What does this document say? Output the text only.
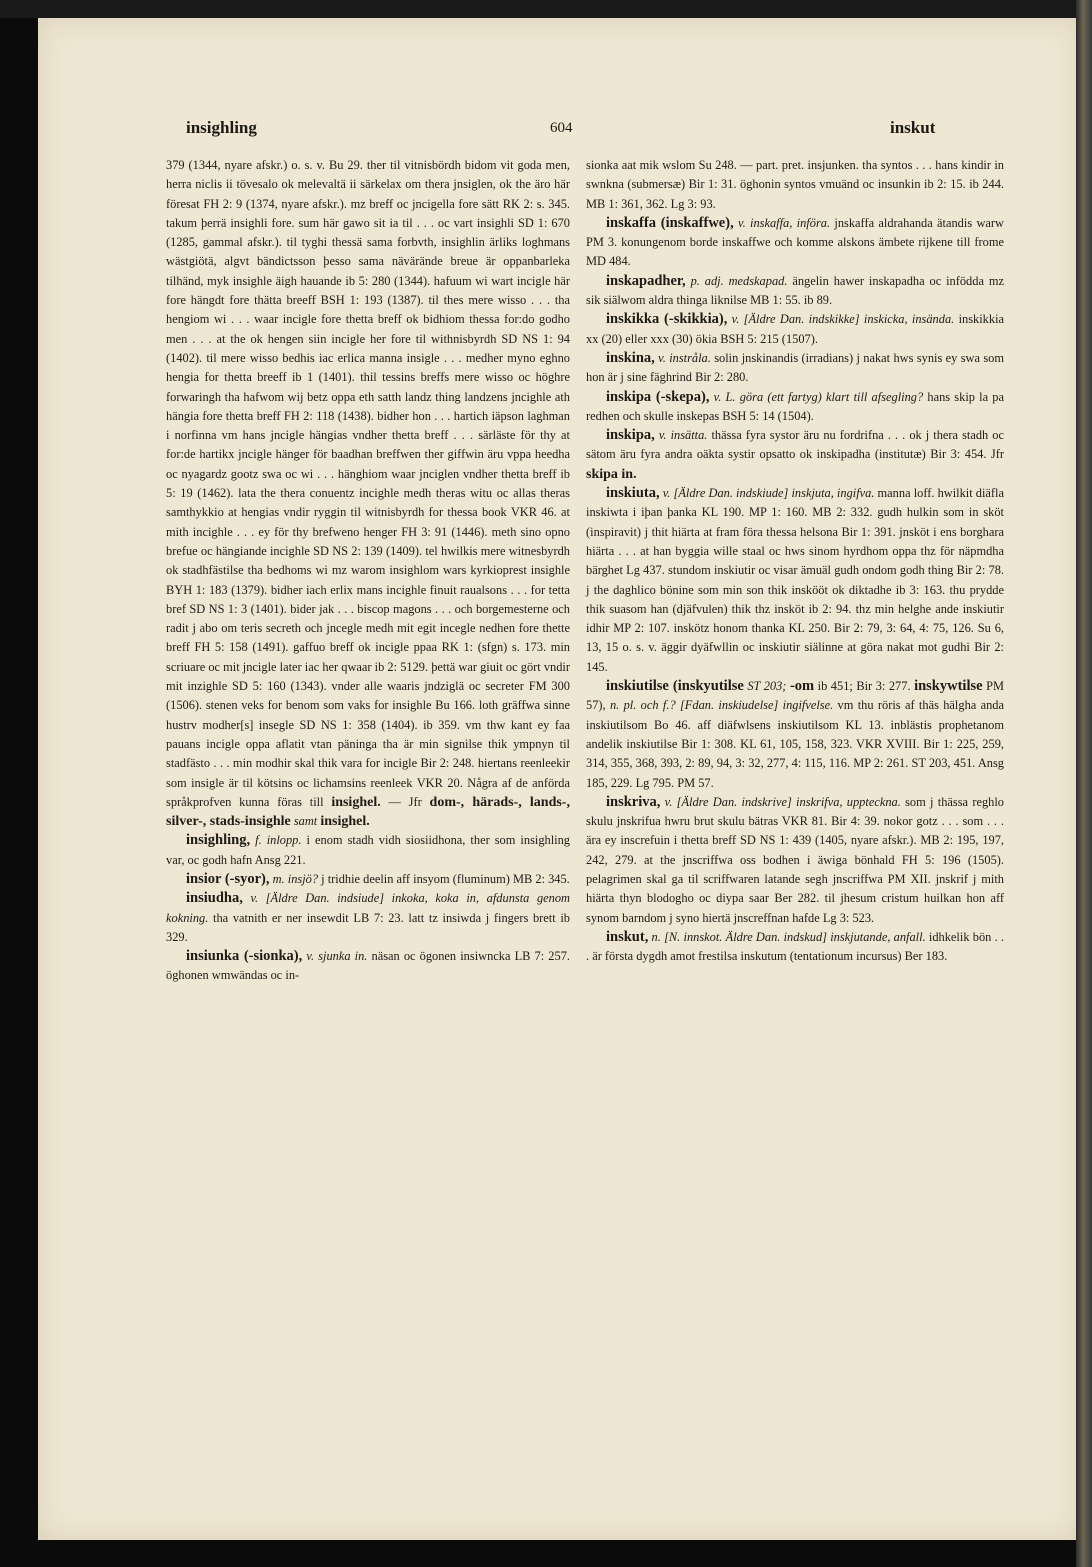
insighling	604	inskut

379 (1344, nyare afskr.) o. s. v. Bu 29. ther til vitnisbördh bidom vit goda men, herra niclis ii tövesalo ok melevaltä ii särkelax om thera jnsiglen, ok the äro här föresat FH 2: 9 (1374, nyare afskr.). mz breff oc jncigella fore sätt RK 2: s. 345. takum þerrä insighli fore. sum här gawo sit ia til . . . oc vart insighli SD 1: 670 (1285, gammal afskr.). til tyghi thessä sama forbvth, insighlin ärliks loghmans wästgiötä, algvt bändictsson þesso sama nävärände breue är oppanbarleka tilhänd, myk insighle äigh hauande ib 5: 280 (1344). hafuum wi wart incigle här fore hängdt fore thätta breeff BSH 1: 193 (1387). til thes mere wisso . . . tha hengiom wi . . . waar incigle fore thetta breff ok bidhiom thessa for:do godho men . . . at the ok hengen siin incigle her fore til withnisbyrdh SD NS 1: 94 (1402). til mere wisso bedhis iac erlica manna insigle . . . medher myno eghno hengia for thetta breeff ib 1 (1401). thil tessins breffs mere wisso oc höghre forwaringh tha hafwom wij betz oppa eth satth landz thing landzens jncighle ath hängia fore thetta breff FH 2: 118 (1438). bidher hon . . . hartich iäpson laghman i norfinna vm hans jncigle hängias vndher thetta breff . . . särläste för thy at for:de hartikx jncigle hänger för baadhan breffwen ther giffwin äru vppa heedha oc nyagardz gootz swa oc wi . . . hänghiom waar jnciglen vndher thetta breff ib 5: 19 (1462). lata the thera conuentz incighle medh theras witu oc allas theras samthykkio at hengias vndir ryggin til witnisbyrdh for thessa book VKR 46. at mith incighle . . . ey för thy brefweno henger FH 3: 91 (1446). meth sino opno brefue oc hängiande incighle SD NS 2: 139 (1409). tel hwilkis mere witnesbyrdh ok stadhfästilse tha bedhoms wi mz warom insighlom wars kyrkioprest insighle BYH 1: 183 (1379). bidher iach erlix mans incighle finuit raualsons . . . for tetta bref SD NS 1: 3 (1401). bider jak . . . biscop magons . . . och borgemesterne och radit j abo om teris secreth och jncegle medh mit egit incegle nedhen fore thette breff FH 5: 158 (1491). gaffuo breff ok incigle ppaa RK 1: (sfgn) s. 173. min scriuare oc mit jncigle later iac her qwaar ib 2: 5129. þettä war giuit oc gört vndir mit inzighle SD 5: 160 (1343). vnder alle waaris jndziglä oc secreter FM 300 (1506). stenen veks for benom som vaks for insighle Bu 166. loth gräffwa sinne hustrv modher[s] insegle SD NS 1: 358 (1404). ib 359. vm thw kant ey faa pauans incigle oppa aflatit vtan päninga tha är min signilse thik ympnyn til stadfästo . . . min modhir skal thik vara for incigle Bir 2: 248. hiertans reenleekir som insigle är til kötsins oc lichamsins reenleek VKR 20. Några af de anförda språkprofven kunna föras till insighel. — Jfr dom-, härads-, lands-, silver-, stads-insighle samt insighel.

insighling, f. inlopp. i enom stadh vidh siosiidhona, ther som insighling var, oc godh hafn Ansg 221.

insior (-syor), m. insjö? j tridhie deelin aff insyom (fluminum) MB 2: 345.

insiudha, v. [Äldre Dan. indsiude] inkoka, koka in, afdunsta genom kokning. tha vatnith er ner insewdit LB 7: 23. latt tz insiwda j fingers brett ib 329.

insiunka (-sionka), v. sjunka in. näsan oc ögonen insiwncka LB 7: 257. öghonen wmwändas oc in-

sionka aat mik wslom Su 248. — part. pret. insjunken. tha syntos . . . hans kindir in swnkna (submersæ) Bir 1: 31. öghonin syntos vmuänd oc insunkin ib 2: 15. ib 244. MB 1: 361, 362. Lg 3: 93.

inskaffa (inskaffwe), v. inskaffa, införa. jnskaffa aldrahanda ätandis warw PM 3. konungenom borde inskaffwe och komme alskons ämbete rijkene till frome MD 484.

inskapadher, p. adj. medskapad. ängelin hawer inskapadha oc infödda mz sik siälwom aldra thinga liknilse MB 1: 55. ib 89.

inskikka (-skikkia), v. [Äldre Dan. indskikke] inskicka, insända. inskikkia xx (20) eller xxx (30) ökia BSH 5: 215 (1507).

inskina, v. instråla. solin jnskinandis (irradians) j nakat hws synis ey swa som hon är j sine fäghrind Bir 2: 280.

inskipa (-skepa), v. L. göra (ett fartyg) klart till afsegling? hans skip la pa redhen och skulle inskepas BSH 5: 14 (1504).

inskipa, v. insätta. thässa fyra systor äru nu fordrifna . . . ok j thera stadh oc sätom äru fyra andra oäkta systir opsatto ok inskipadha (institutæ) Bir 3: 454. Jfr skipa in.

inskiuta, v. [Äldre Dan. indskiude] inskjuta, ingifva. manna loff. hwilkit diäfla inskiwta i iþan þanka KL 190. MP 1: 160. MB 2: 332. gudh hulkin som in sköt (inspiravit) j thit hiärta at fram föra thessa helsona Bir 1: 391. jnsköt i ens borghara hiärta . . . at han byggia wille staal oc hws sinom hyrdhom oppa thz för näpmdha bärghet Lg 437. stundom inskiutir oc visar ämuäl gudh ondom godh thing Bir 2: 78. j the daghlico bönine som min son thik inskööt ok diktadhe ib 3: 163. thu prydde thik suasom han (djäfvulen) thik thz insköt ib 2: 94. thz min helghe ande inskiutir idhir MP 2: 107. inskötz honom thanka KL 250. Bir 2: 79, 3: 64, 4: 75, 126. Su 6, 13, 15 o. s. v. äggir dyäfwllin oc inskiutir siälinne at göra nakat mot gudhi Bir 2: 145.

inskiutilse (inskyutilse ST 203; -om ib 451; Bir 3: 277. inskywtilse PM 57), n. pl. och f.? [Fdan. inskiudelse] ingifvelse. vm thu röris af thäs hälgha anda inskiutilsom Bo 46. aff diäfwlsens inskiutilsom KL 13. inblästis prophetanom andelik inskiutilse Bir 1: 308. KL 61, 105, 158, 323. VKR XVIII. Bir 1: 225, 259, 314, 355, 368, 393, 2: 89, 94, 3: 32, 277, 4: 115, 116. MP 2: 261. ST 203, 451. Ansg 185, 229. Lg 795. PM 57.

inskriva, v. [Äldre Dan. indskrive] inskrifva, upptecknа. som j thässa reghlo skulu jnskrifua hwru brut skulu bätras VKR 81. Bir 4: 39. nokor gotz . . . som . . . ära ey inscrefuin i thetta breff SD NS 1: 439 (1405, nyare afskr.). MB 2: 195, 197, 242, 279. at the jnscriffwa oss bodhen i äwiga bönhald FH 5: 196 (1505). pelagrimen skal ga til scriffwaren latande segh jnscriffwa PM XII. jnskrif j mith hiärta thyn blodogho oc diypa saar Ber 282. til jhesum cristum huilkan hon aff synom barndom j syno hiertä jnscreffnan hafde Lg 3: 523.

inskut, n. [N. innskot. Äldre Dan. indskud] inskjutande, anfall. idhkelik bön . . . är första dygdh amot frestilsa inskutum (tentationum incursus) Ber 183.
